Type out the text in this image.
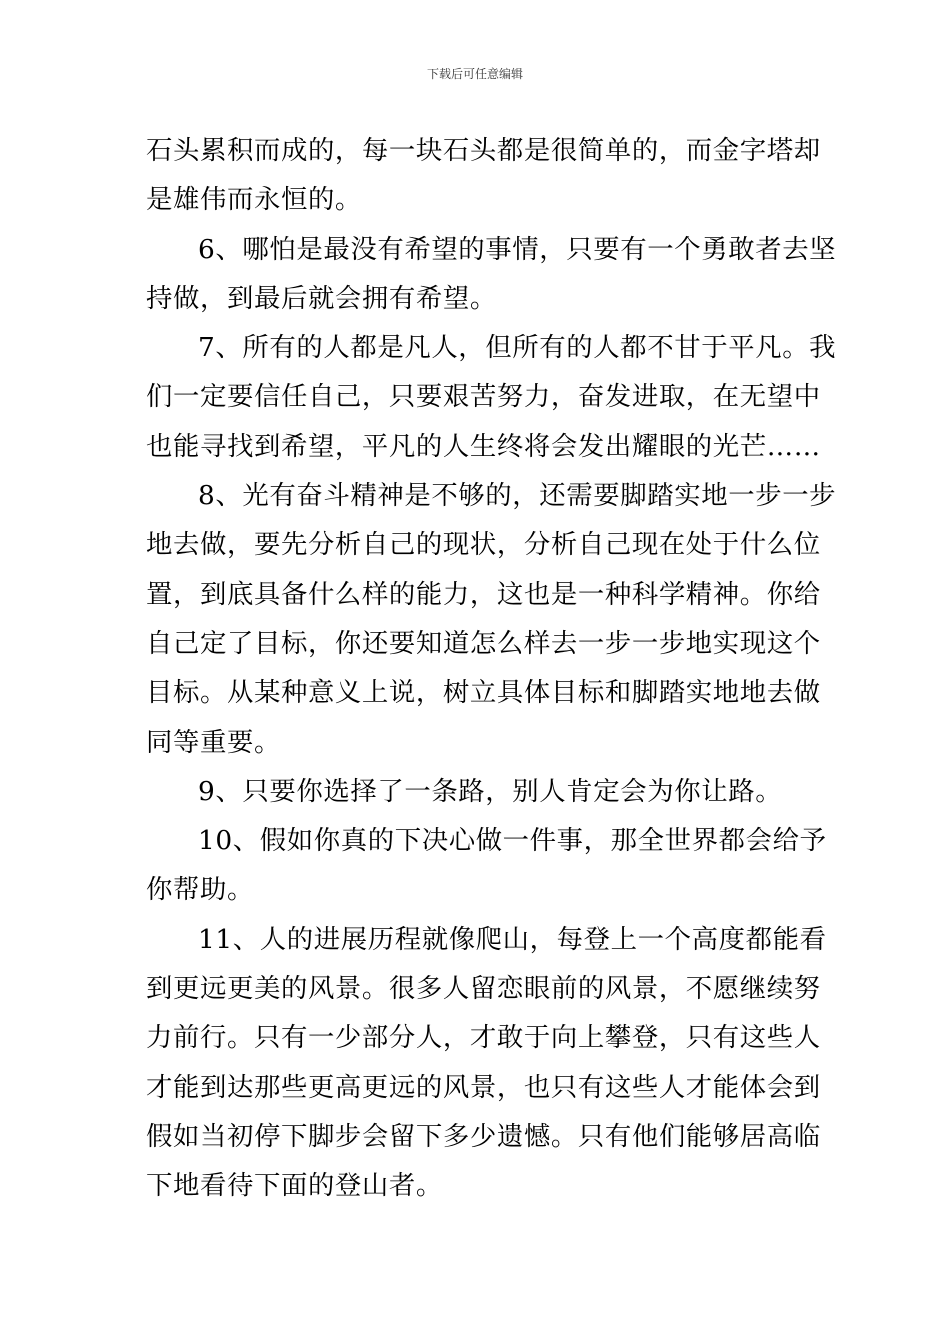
下载后可任意编辑
石头累积而成的，每一块石头都是很简单的，而金字塔却
是雄伟而永恒的。
6、哪怕是最没有希望的事情，只要有一个勇敢者去坚
持做，到最后就会拥有希望。
7、所有的人都是凡人，但所有的人都不甘于平凡。我
们一定要信任自己，只要艰苦努力，奋发进取，在无望中
也能寻找到希望，平凡的人生终将会发出耀眼的光芒……
8、光有奋斗精神是不够的，还需要脚踏实地一步一步
地去做，要先分析自己的现状，分析自己现在处于什么位
置，到底具备什么样的能力，这也是一种科学精神。你给
自己定了目标，你还要知道怎么样去一步一步地实现这个
目标。从某种意义上说，树立具体目标和脚踏实地地去做
同等重要。
9、只要你选择了一条路，别人肯定会为你让路。
10、假如你真的下决心做一件事，那全世界都会给予
你帮助。
11、人的进展历程就像爬山，每登上一个高度都能看
到更远更美的风景。很多人留恋眼前的风景，不愿继续努
力前行。只有一少部分人，才敢于向上攀登，只有这些人
才能到达那些更高更远的风景，也只有这些人才能体会到
假如当初停下脚步会留下多少遗憾。只有他们能够居高临
下地看待下面的登山者。
